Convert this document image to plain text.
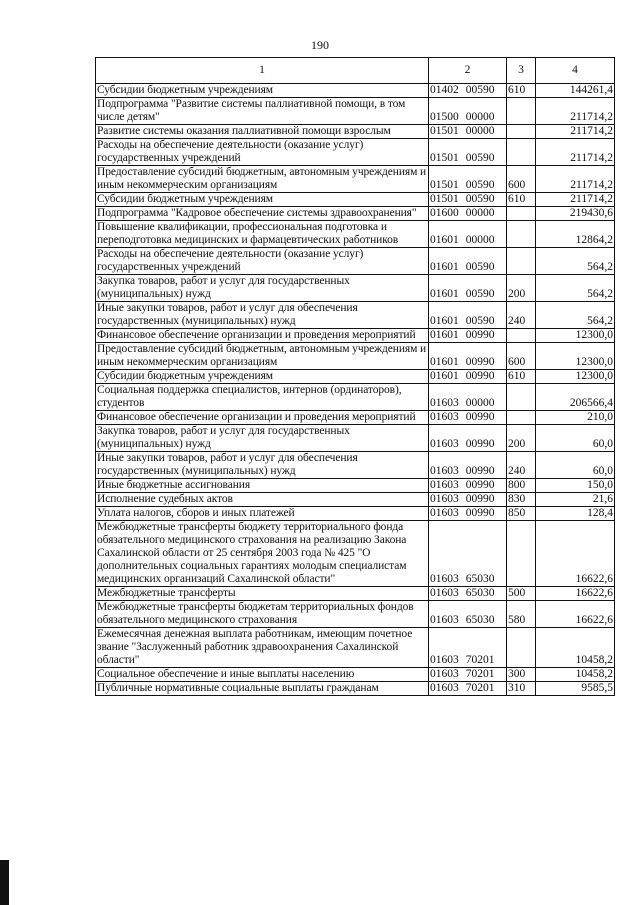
190
1	2	3	4
Субсидии бюджетным учреждениям	01402 00590	610	144261,4
Подпрограмма "Развитие системы паллиативной помощи, в том числе детям"	01500 00000		211714,2
Развитие системы оказания паллиативной помощи взрослым	01501 00000		211714,2
Расходы на обеспечение деятельности (оказание услуг) государственных учреждений	01501 00590		211714,2
Предоставление субсидий бюджетным, автономным учреждениям и иным некоммерческим организациям	01501 00590	600	211714,2
Субсидии бюджетным учреждениям	01501 00590	610	211714,2
Подпрограмма "Кадровое обеспечение системы здравоохранения"	01600 00000		219430,6
Повышение квалификации, профессиональная подготовка и переподготовка медицинских и фармацевтических работников	01601 00000		12864,2
Расходы на обеспечение деятельности (оказание услуг) государственных учреждений	01601 00590		564,2
Закупка товаров, работ и услуг для государственных (муниципальных) нужд	01601 00590	200	564,2
Иные закупки товаров, работ и услуг для обеспечения государственных (муниципальных) нужд	01601 00590	240	564,2
Финансовое обеспечение организации и проведения мероприятий	01601 00990		12300,0
Предоставление субсидий бюджетным, автономным учреждениям и иным некоммерческим организациям	01601 00990	600	12300,0
Субсидии бюджетным учреждениям	01601 00990	610	12300,0
Социальная поддержка специалистов, интернов (ординаторов), студентов	01603 00000		206566,4
Финансовое обеспечение организации и проведения мероприятий	01603 00990		210,0
Закупка товаров, работ и услуг для государственных (муниципальных) нужд	01603 00990	200	60,0
Иные закупки товаров, работ и услуг для обеспечения государственных (муниципальных) нужд	01603 00990	240	60,0
Иные бюджетные ассигнования	01603 00990	800	150,0
Исполнение судебных актов	01603 00990	830	21,6
Уплата налогов, сборов и иных платежей	01603 00990	850	128,4
Межбюджетные трансферты бюджету территориального фонда обязательного медицинского страхования на реализацию Закона Сахалинской области от 25 сентября 2003 года № 425 "О дополнительных социальных гарантиях молодым специалистам медицинских организаций Сахалинской области"	01603 65030		16622,6
Межбюджетные трансферты	01603 65030	500	16622,6
Межбюджетные трансферты бюджетам территориальных фондов обязательного медицинского страхования	01603 65030	580	16622,6
Ежемесячная денежная выплата работникам, имеющим почетное звание "Заслуженный работник здравоохранения Сахалинской области"	01603 70201		10458,2
Социальное обеспечение и иные выплаты населению	01603 70201	300	10458,2
Публичные нормативные социальные выплаты гражданам	01603 70201	310	9585,5
